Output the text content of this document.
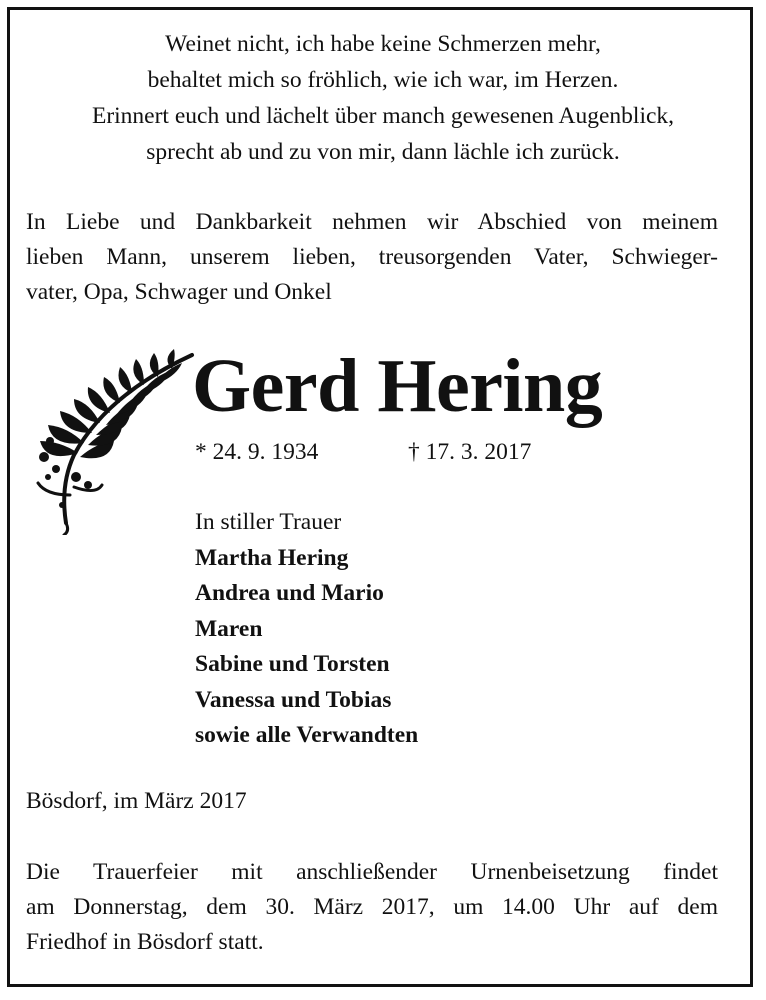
Weinet nicht, ich habe keine Schmerzen mehr,
behaltet mich so fröhlich, wie ich war, im Herzen.
Erinnert euch und lächelt über manch gewesenen Augenblick,
sprecht ab und zu von mir, dann lächle ich zurück.
In Liebe und Dankbarkeit nehmen wir Abschied von meinem
lieben Mann, unserem lieben, treusorgenden Vater, Schwieger-
vater, Opa, Schwager und Onkel
Gerd Hering
* 24. 9. 1934	† 17. 3. 2017
In stiller Trauer
Martha Hering
Andrea und Mario
Maren
Sabine und Torsten
Vanessa und Tobias
sowie alle Verwandten
Bösdorf, im März 2017
Die Trauerfeier mit anschließender Urnenbeisetzung findet
am Donnerstag, dem 30. März 2017, um 14.00 Uhr auf dem
Friedhof in Bösdorf statt.
